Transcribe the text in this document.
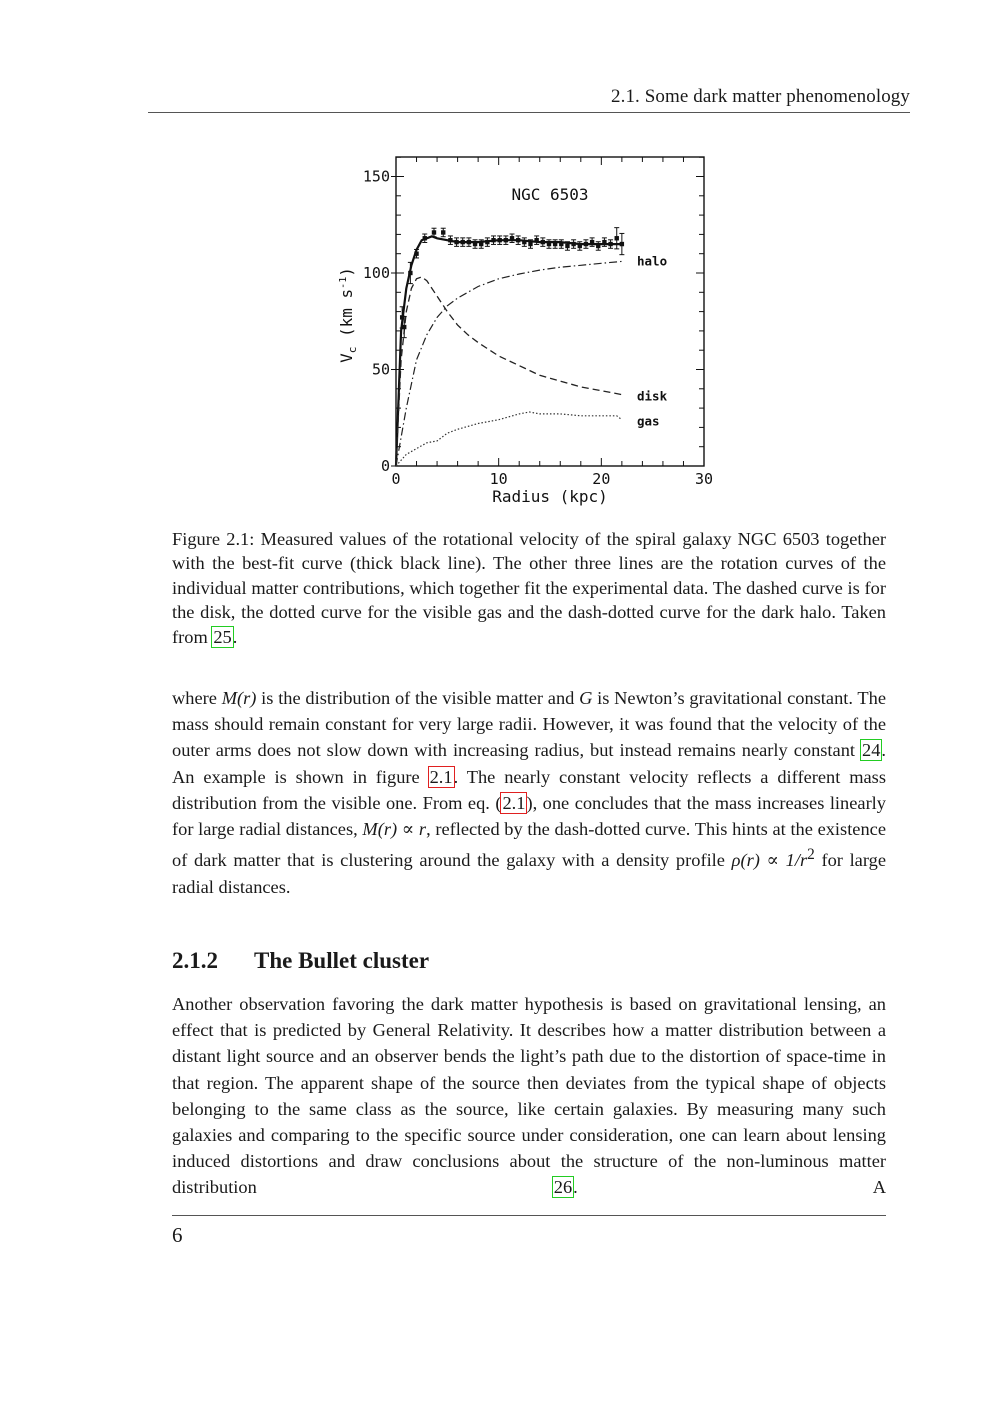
2.1. Some dark matter phenomenology
0	10	20	30
0
50
100
150
Radius (kpc)
NGC 6503
$V_c$ (km $s^{-1}$)
halo
disk
gas
Figure 2.1: Measured values of the rotational velocity of the spiral galaxy NGC 6503 together with the best-fit curve (thick black line). The other three lines are the rotation curves of the individual matter contributions, which together fit the experimental data. The dashed curve is for the disk, the dotted curve for the visible gas and the dash-dotted curve for the dark halo. Taken from 25.
where M(r) is the distribution of the visible matter and G is Newton’s gravitational constant. The mass should remain constant for very large radii. However, it was found that the velocity of the outer arms does not slow down with increasing radius, but instead remains nearly constant 24. An example is shown in figure 2.1. The nearly constant velocity reflects a different mass distribution from the visible one. From eq. (2.1), one concludes that the mass increases linearly for large radial distances, M(r) ∝ r, reflected by the dash-dotted curve. This hints at the existence of dark matter that is clustering around the galaxy with a density profile $\rho(r) \propto 1/r^2$ for large radial distances.
2.1.2 The Bullet cluster
Another observation favoring the dark matter hypothesis is based on gravitational lensing, an effect that is predicted by General Relativity. It describes how a matter distribution between a distant light source and an observer bends the light’s path due to the distortion of space-time in that region. The apparent shape of the source then deviates from the typical shape of objects belonging to the same class as the source, like certain galaxies. By measuring many such galaxies and comparing to the specific source under consideration, one can learn about lensing induced distortions and draw conclusions about the structure of the non-luminous matter distribution 26. A
6
